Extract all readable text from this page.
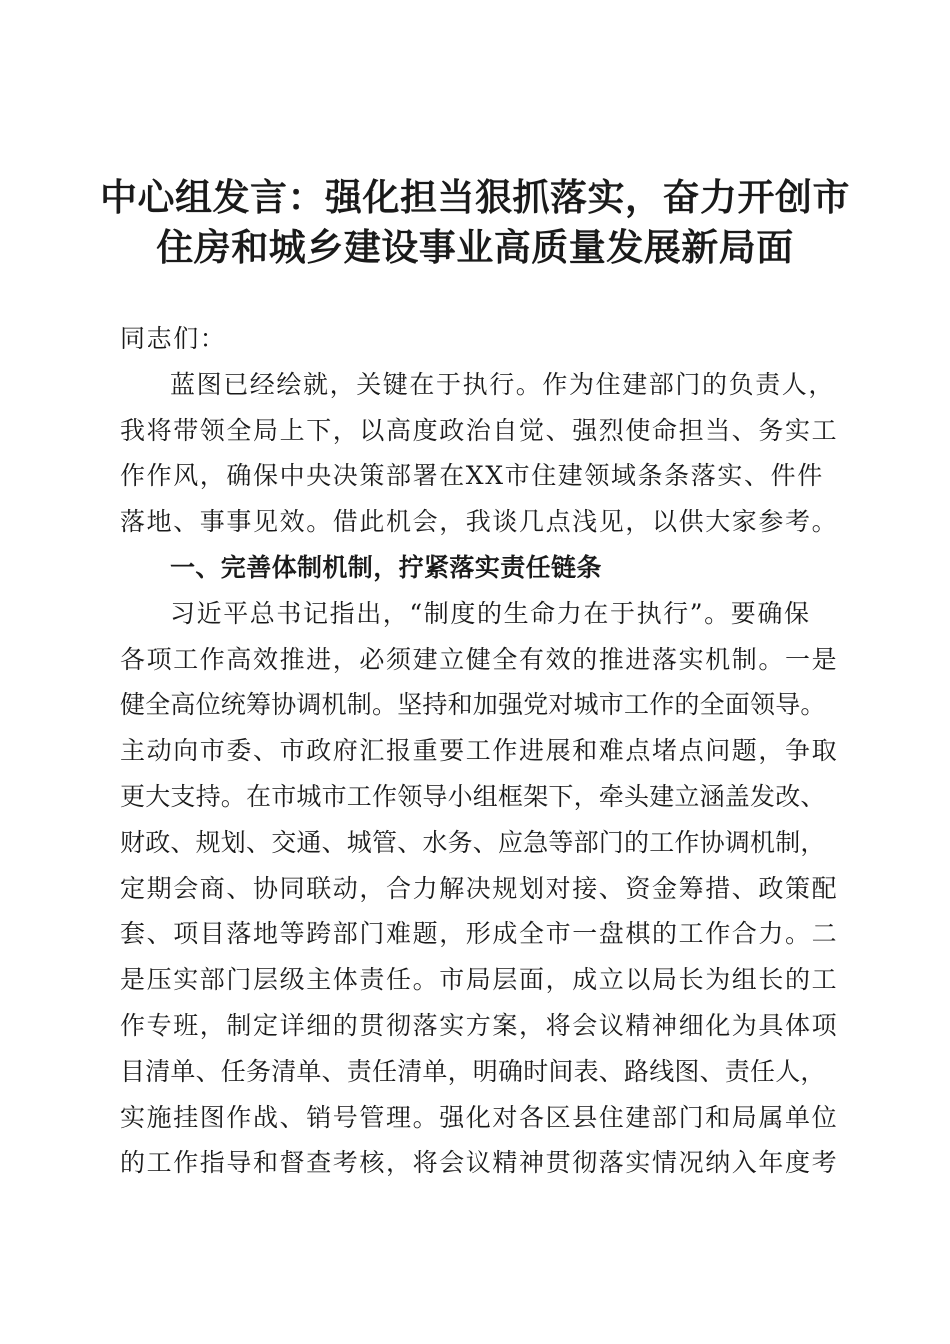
中心组发言：强化担当狠抓落实，奋力开创市
住房和城乡建设事业高质量发展新局面
同志们：
蓝图已经绘就，关键在于执行。作为住建部门的负责人，
我将带领全局上下，以高度政治自觉、强烈使命担当、务实工
作作风，确保中央决策部署在XX市住建领域条条落实、件件
落地、事事见效。借此机会，我谈几点浅见，以供大家参考。
一、完善体制机制，拧紧落实责任链条
习近平总书记指出，“制度的生命力在于执行”。要确保
各项工作高效推进，必须建立健全有效的推进落实机制。一是
健全高位统筹协调机制。坚持和加强党对城市工作的全面领导。
主动向市委、市政府汇报重要工作进展和难点堵点问题，争取
更大支持。在市城市工作领导小组框架下，牵头建立涵盖发改、
财政、规划、交通、城管、水务、应急等部门的工作协调机制，
定期会商、协同联动，合力解决规划对接、资金筹措、政策配
套、项目落地等跨部门难题，形成全市一盘棋的工作合力。二
是压实部门层级主体责任。市局层面，成立以局长为组长的工
作专班，制定详细的贯彻落实方案，将会议精神细化为具体项
目清单、任务清单、责任清单，明确时间表、路线图、责任人，
实施挂图作战、销号管理。强化对各区县住建部门和局属单位
的工作指导和督查考核，将会议精神贯彻落实情况纳入年度考
